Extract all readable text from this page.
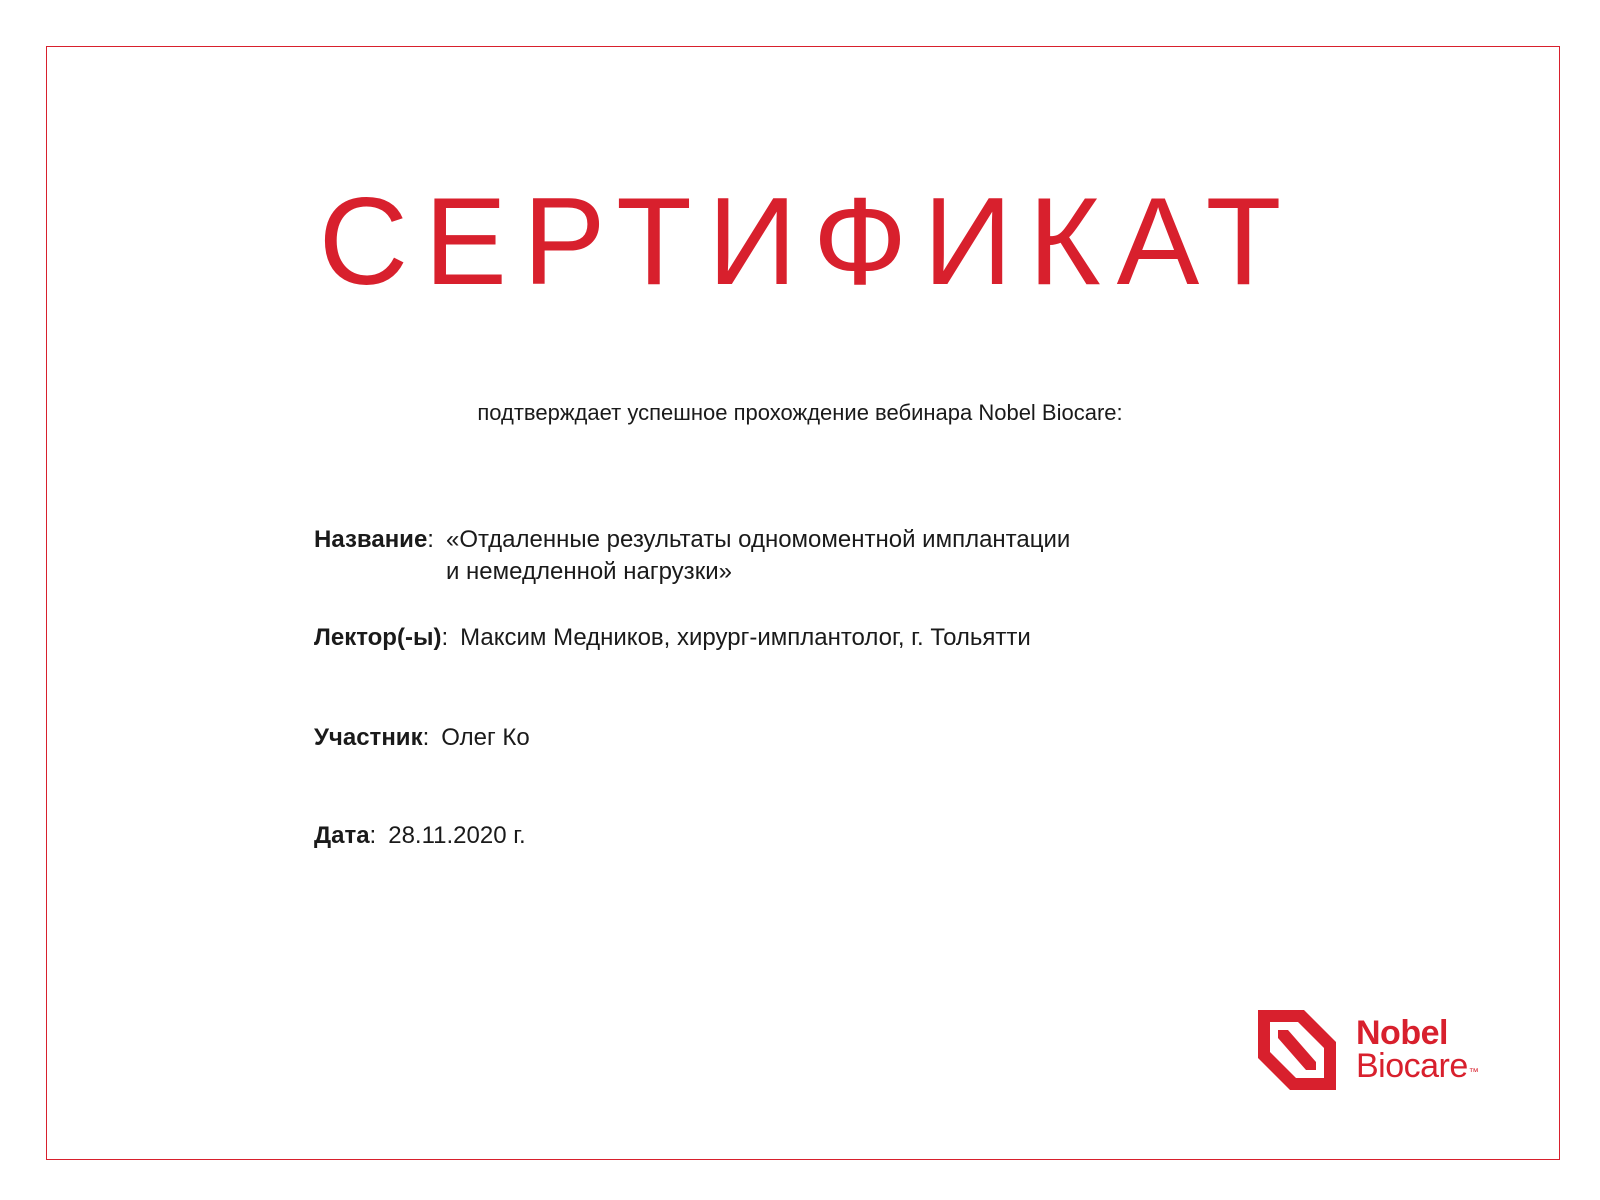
СЕРТИФИКАТ
подтверждает успешное прохождение вебинара Nobel Biocare:
Название : «Отдаленные результаты одномоментной имплантации
и немедленной нагрузки»
Лектор(-ы) : Максим Медников, хирург-имплантолог, г. Тольятти
Участник : Олег Ко
Дата : 28.11.2020 г.
Nobel
Biocare™
